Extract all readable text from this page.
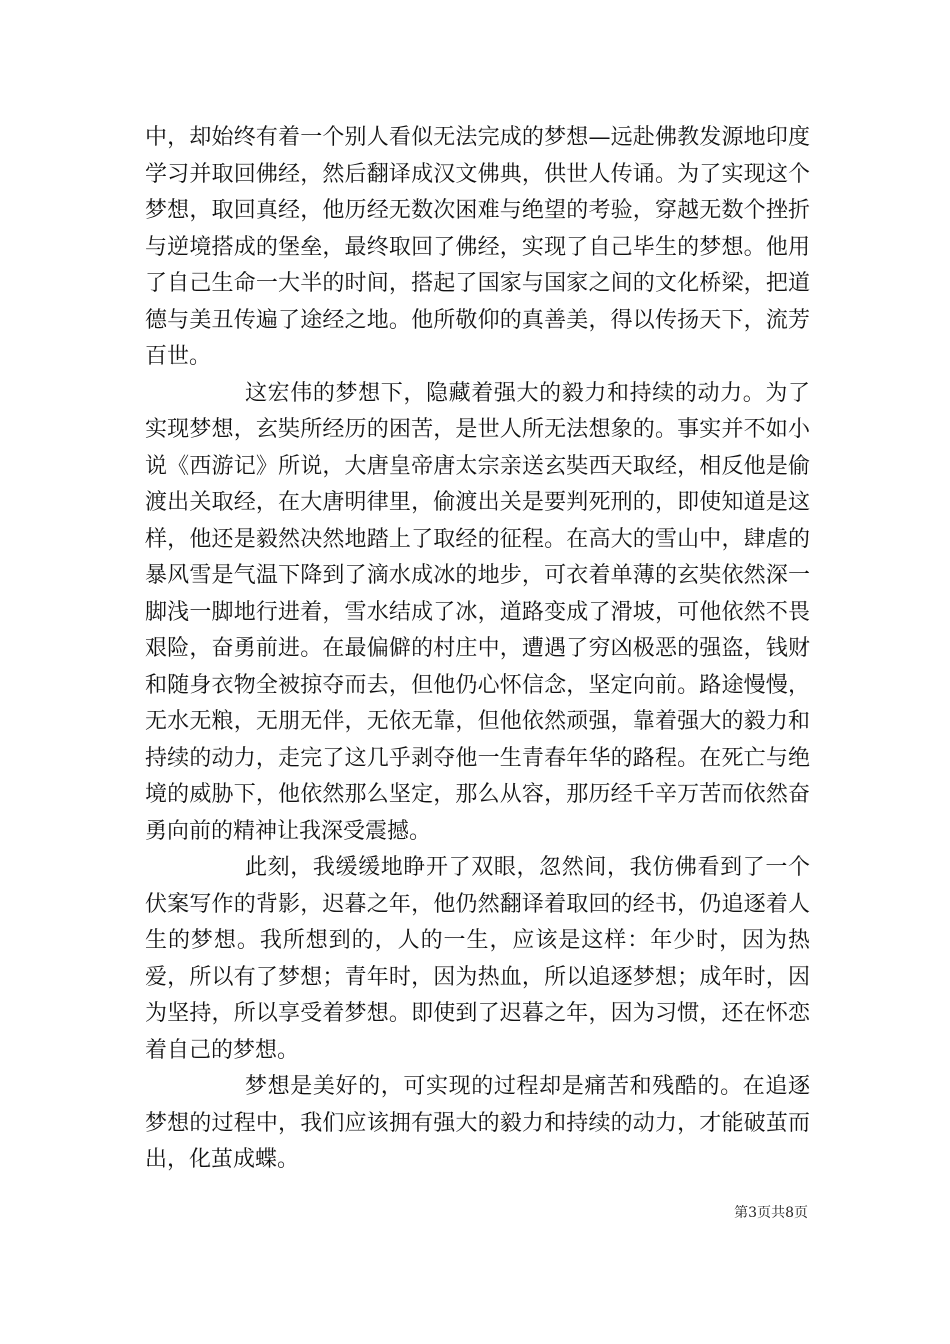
中，却始终有着一个别人看似无法完成的梦想—远赴佛教发源地印度学习并取回佛经，然后翻译成汉文佛典，供世人传诵。为了实现这个梦想，取回真经，他历经无数次困难与绝望的考验，穿越无数个挫折与逆境搭成的堡垒，最终取回了佛经，实现了自己毕生的梦想。他用了自己生命一大半的时间，搭起了国家与国家之间的文化桥梁，把道德与美丑传遍了途经之地。他所敬仰的真善美，得以传扬天下，流芳百世。

这宏伟的梦想下，隐藏着强大的毅力和持续的动力。为了实现梦想，玄奘所经历的困苦，是世人所无法想象的。事实并不如小说《西游记》所说，大唐皇帝唐太宗亲送玄奘西天取经，相反他是偷渡出关取经，在大唐明律里，偷渡出关是要判死刑的，即使知道是这样，他还是毅然决然地踏上了取经的征程。在高大的雪山中，肆虐的暴风雪是气温下降到了滴水成冰的地步，可衣着单薄的玄奘依然深一脚浅一脚地行进着，雪水结成了冰，道路变成了滑坡，可他依然不畏艰险，奋勇前进。在最偏僻的村庄中，遭遇了穷凶极恶的强盗，钱财和随身衣物全被掠夺而去，但他仍心怀信念，坚定向前。路途慢慢，无水无粮，无朋无伴，无依无靠，但他依然顽强，靠着强大的毅力和持续的动力，走完了这几乎剥夺他一生青春年华的路程。在死亡与绝境的威胁下，他依然那么坚定，那么从容，那历经千辛万苦而依然奋勇向前的精神让我深受震撼。

此刻，我缓缓地睁开了双眼，忽然间，我仿佛看到了一个伏案写作的背影，迟暮之年，他仍然翻译着取回的经书，仍追逐着人生的梦想。我所想到的，人的一生，应该是这样：年少时，因为热爱，所以有了梦想；青年时，因为热血，所以追逐梦想；成年时，因为坚持，所以享受着梦想。即使到了迟暮之年，因为习惯，还在怀恋着自己的梦想。

梦想是美好的，可实现的过程却是痛苦和残酷的。在追逐梦想的过程中，我们应该拥有强大的毅力和持续的动力，才能破茧而出，化茧成蝶。

第3页共8页
